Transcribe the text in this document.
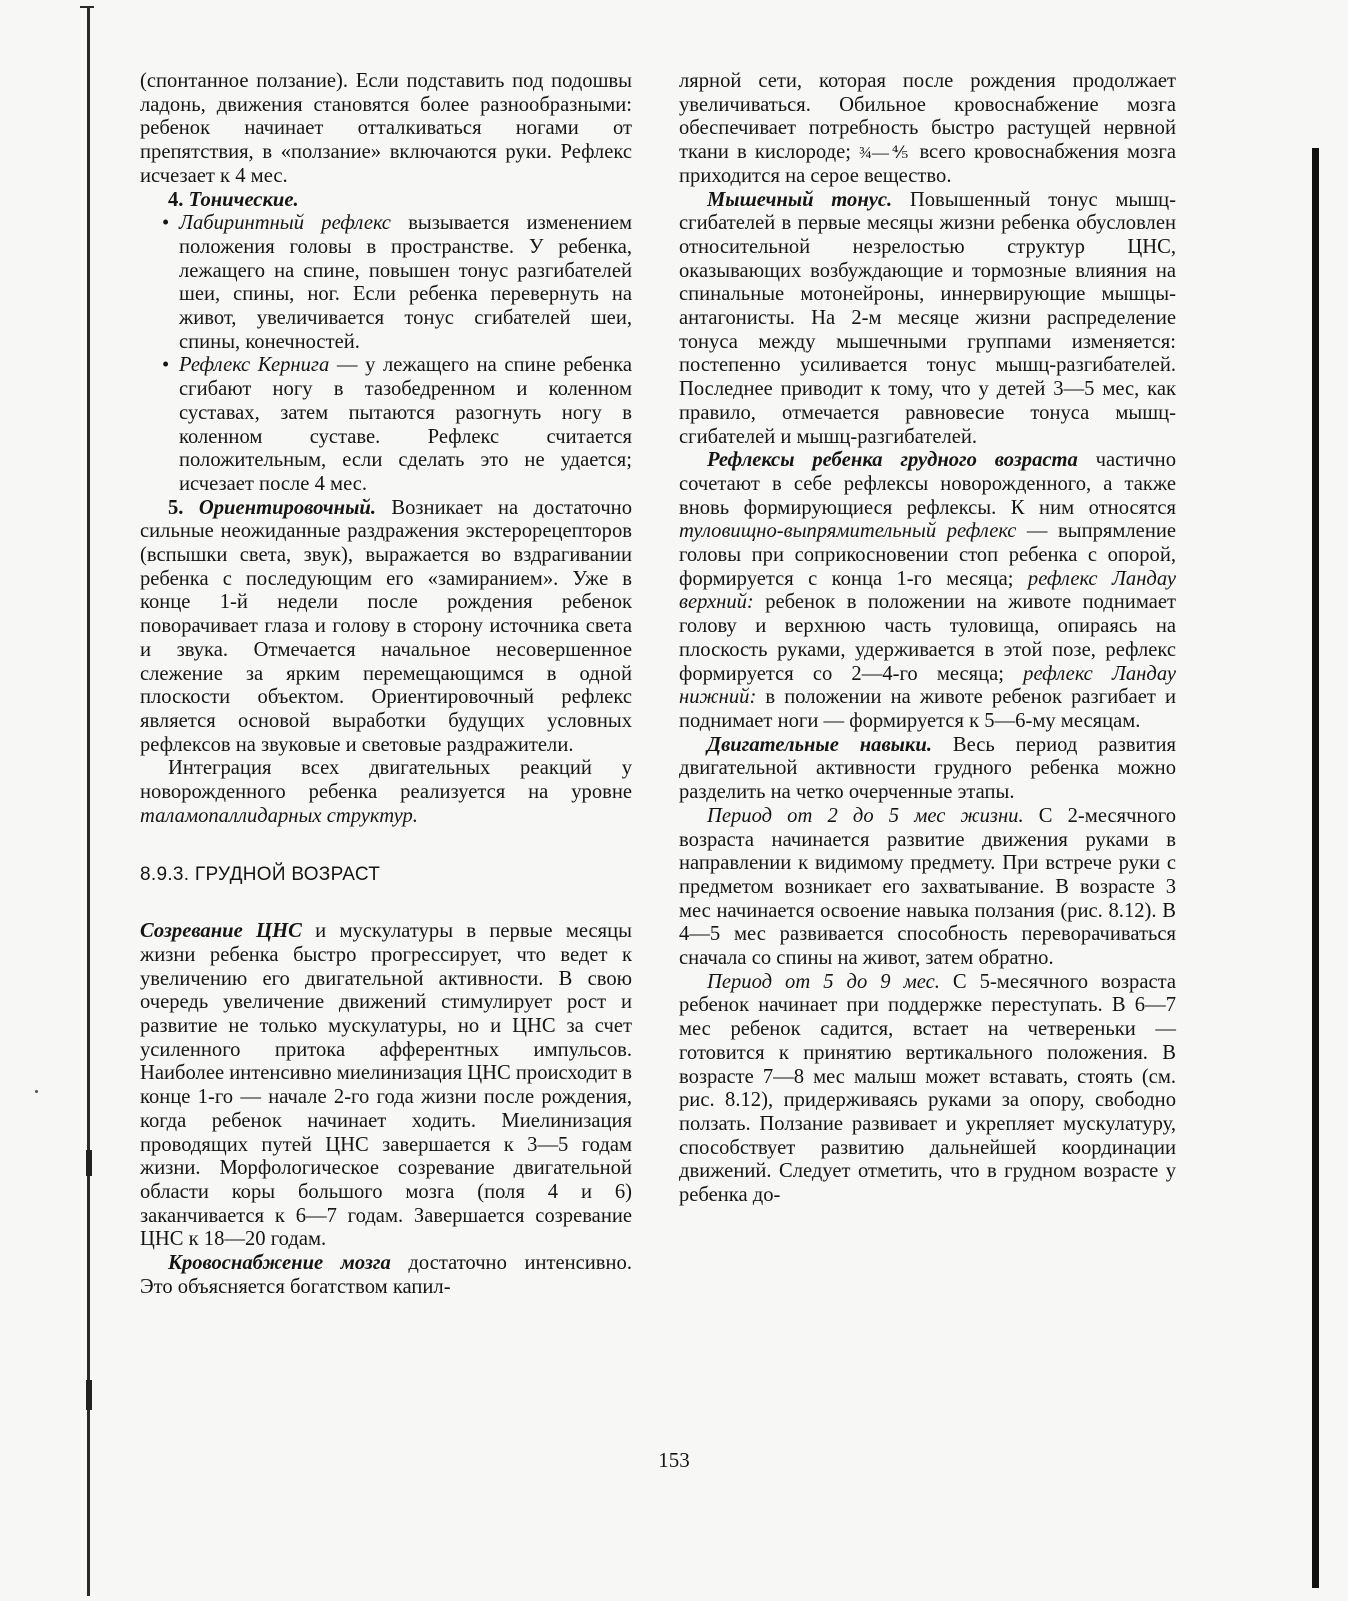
(спонтанное ползание). Если подставить под подошвы ладонь, движения становятся более разнообразными: ребенок начинает отталкиваться ногами от препятствия, в «ползание» включаются руки. Рефлекс исчезает к 4 мес.

4. Тонические.

• Лабиринтный рефлекс вызывается изменением положения головы в пространстве. У ребенка, лежащего на спине, повышен тонус разгибателей шеи, спины, ног. Если ребенка перевернуть на живот, увеличивается тонус сгибателей шеи, спины, конечностей.

• Рефлекс Кернига — у лежащего на спине ребенка сгибают ногу в тазобедренном и коленном суставах, затем пытаются разогнуть ногу в коленном суставе. Рефлекс считается положительным, если сделать это не удается; исчезает после 4 мес.

5. Ориентировочный. Возникает на достаточно сильные неожиданные раздражения экстерорецепторов (вспышки света, звук), выражается во вздрагивании ребенка с последующим его «замиранием». Уже в конце 1-й недели после рождения ребенок поворачивает глаза и голову в сторону источника света и звука. Отмечается начальное несовершенное слежение за ярким перемещающимся в одной плоскости объектом. Ориентировочный рефлекс является основой выработки будущих условных рефлексов на звуковые и световые раздражители.

Интеграция всех двигательных реакций у новорожденного ребенка реализуется на уровне таламопаллидарных структур.

8.9.3. ГРУДНОЙ ВОЗРАСТ

Созревание ЦНС и мускулатуры в первые месяцы жизни ребенка быстро прогрессирует, что ведет к увеличению его двигательной активности. В свою очередь увеличение движений стимулирует рост и развитие не только мускулатуры, но и ЦНС за счет усиленного притока афферентных импульсов. Наиболее интенсивно миелинизация ЦНС происходит в конце 1-го — начале 2-го года жизни после рождения, когда ребенок начинает ходить. Миелинизация проводящих путей ЦНС завершается к 3—5 годам жизни. Морфологическое созревание двигательной области коры большого мозга (поля 4 и 6) заканчивается к 6—7 годам. Завершается созревание ЦНС к 18—20 годам.

Кровоснабжение мозга достаточно интенсивно. Это объясняется богатством капил-

лярной сети, которая после рождения продолжает увеличиваться. Обильное кровоснабжение мозга обеспечивает потребность быстро растущей нервной ткани в кислороде; ¾—⅘ всего кровоснабжения мозга приходится на серое вещество.

Мышечный тонус. Повышенный тонус мышц-сгибателей в первые месяцы жизни ребенка обусловлен относительной незрелостью структур ЦНС, оказывающих возбуждающие и тормозные влияния на спинальные мотонейроны, иннервирующие мышцы-антагонисты. На 2-м месяце жизни распределение тонуса между мышечными группами изменяется: постепенно усиливается тонус мышц-разгибателей. Последнее приводит к тому, что у детей 3—5 мес, как правило, отмечается равновесие тонуса мышц-сгибателей и мышц-разгибателей.

Рефлексы ребенка грудного возраста частично сочетают в себе рефлексы новорожденного, а также вновь формирующиеся рефлексы. К ним относятся туловищно-выпрямительный рефлекс — выпрямление головы при соприкосновении стоп ребенка с опорой, формируется с конца 1-го месяца; рефлекс Ландау верхний: ребенок в положении на животе поднимает голову и верхнюю часть туловища, опираясь на плоскость руками, удерживается в этой позе, рефлекс формируется со 2—4-го месяца; рефлекс Ландау нижний: в положении на животе ребенок разгибает и поднимает ноги — формируется к 5—6-му месяцам.

Двигательные навыки. Весь период развития двигательной активности грудного ребенка можно разделить на четко очерченные этапы.

Период от 2 до 5 мес жизни. С 2-месячного возраста начинается развитие движения руками в направлении к видимому предмету. При встрече руки с предметом возникает его захватывание. В возрасте 3 мес начинается освоение навыка ползания (рис. 8.12). В 4—5 мес развивается способность переворачиваться сначала со спины на живот, затем обратно.

Период от 5 до 9 мес. С 5-месячного возраста ребенок начинает при поддержке переступать. В 6—7 мес ребенок садится, встает на четвереньки — готовится к принятию вертикального положения. В возрасте 7—8 мес малыш может вставать, стоять (см. рис. 8.12), придерживаясь руками за опору, свободно ползать. Ползание развивает и укрепляет мускулатуру, способствует развитию дальнейшей координации движений. Следует отметить, что в грудном возрасте у ребенка до-

153
